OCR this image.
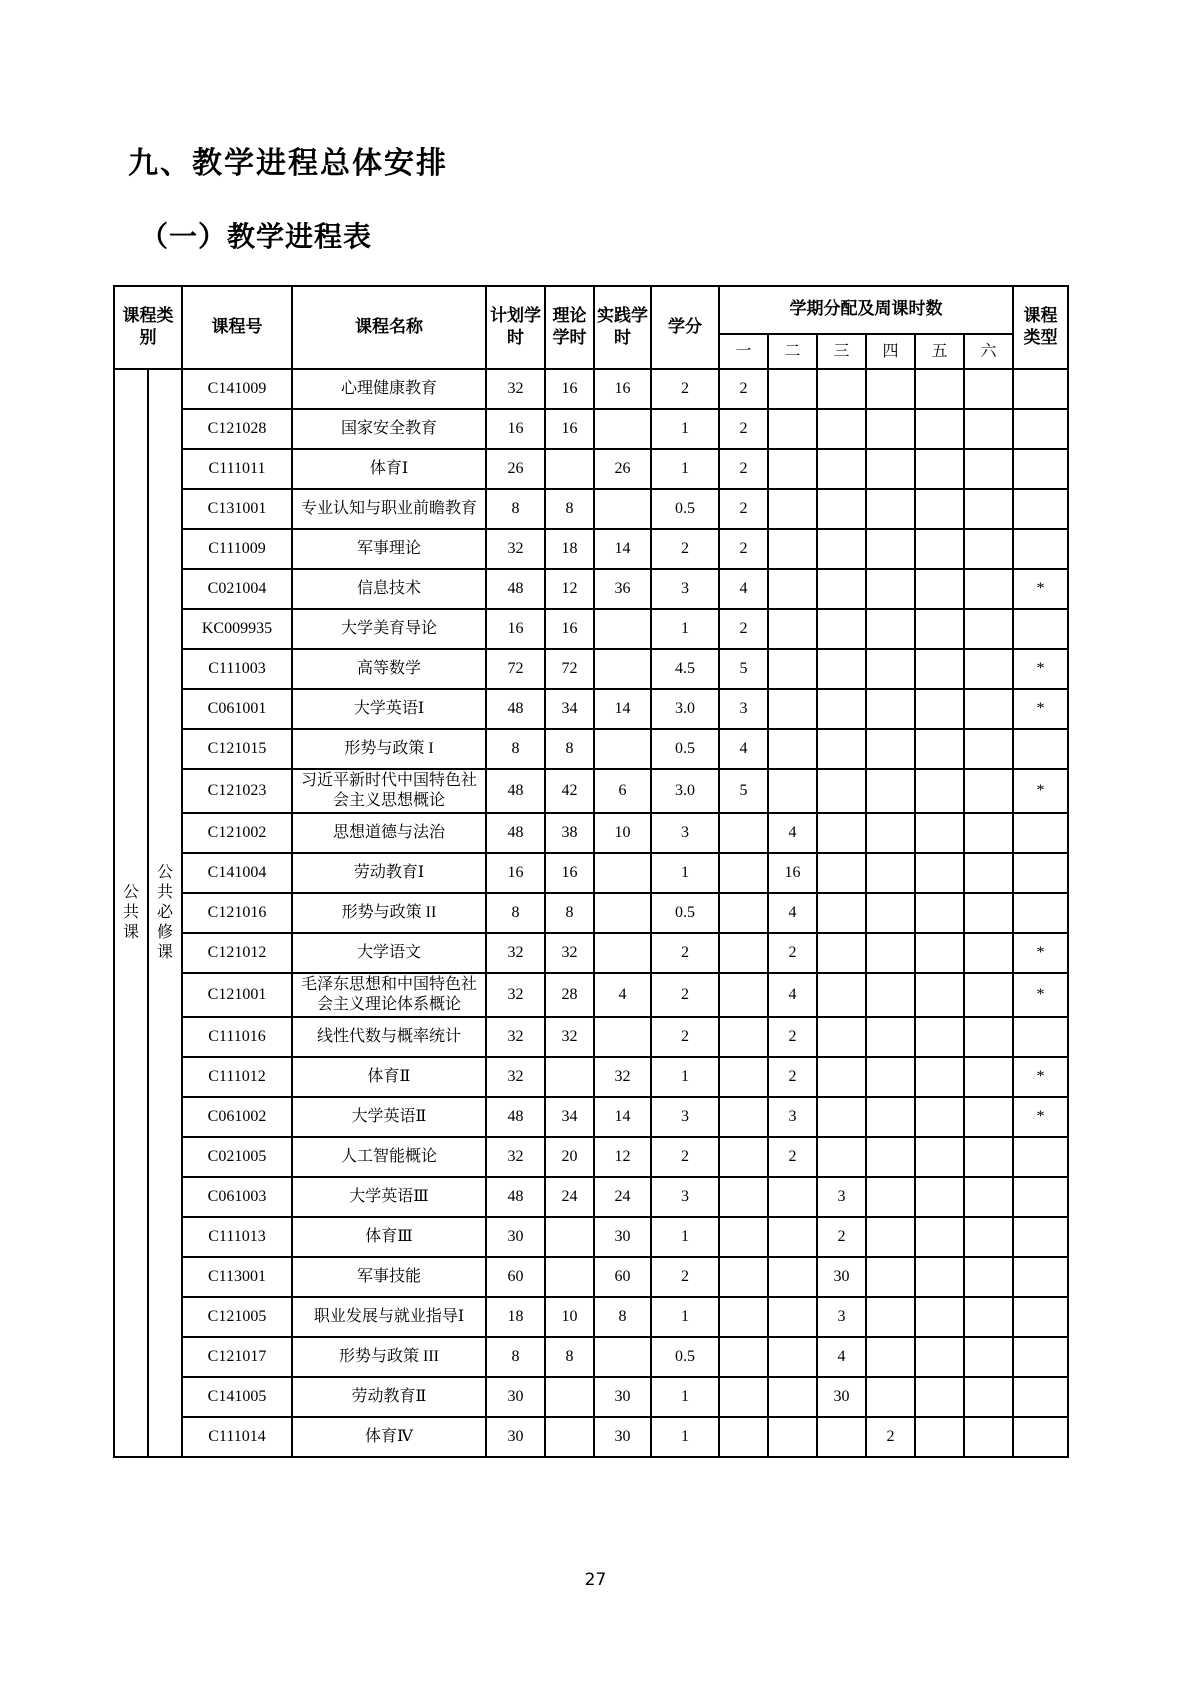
九、教学进程总体安排
（一）教学进程表
课程类别		课程号	课程名称	计划学时	理论学时	实践学时	学分	学期分配及周课时数						课程类型
								一	二	三	四	五	六	
公共课	公共必修课	C141009	心理健康教育	32	16	16	2	2						
		C121028	国家安全教育	16	16		1	2						
		C111011	体育Ⅰ	26		26	1	2						
		C131001	专业认知与职业前瞻教育	8	8		0.5	2						
		C111009	军事理论	32	18	14	2	2						
		C021004	信息技术	48	12	36	3	4						*
		KC009935	大学美育导论	16	16		1	2						
		C111003	高等数学	72	72		4.5	5						*
		C061001	大学英语Ⅰ	48	34	14	3.0	3						*
		C121015	形势与政策 I	8	8		0.5	4						
		C121023	习近平新时代中国特色社会主义思想概论	48	42	6	3.0	5						*
		C121002	思想道德与法治	48	38	10	3		4					
		C141004	劳动教育Ⅰ	16	16		1		16					
		C121016	形势与政策 II	8	8		0.5		4					
		C121012	大学语文	32	32		2		2					*
		C121001	毛泽东思想和中国特色社会主义理论体系概论	32	28	4	2		4					*
		C111016	线性代数与概率统计	32	32		2		2					
		C111012	体育Ⅱ	32		32	1		2					*
		C061002	大学英语Ⅱ	48	34	14	3		3					*
		C021005	人工智能概论	32	20	12	2		2					
		C061003	大学英语Ⅲ	48	24	24	3			3				
		C111013	体育Ⅲ	30		30	1			2				
		C113001	军事技能	60		60	2			30				
		C121005	职业发展与就业指导Ⅰ	18	10	8	1			3				
		C121017	形势与政策 III	8	8		0.5			4				
		C141005	劳动教育Ⅱ	30		30	1			30				
		C111014	体育Ⅳ	30		30	1				2			
27
